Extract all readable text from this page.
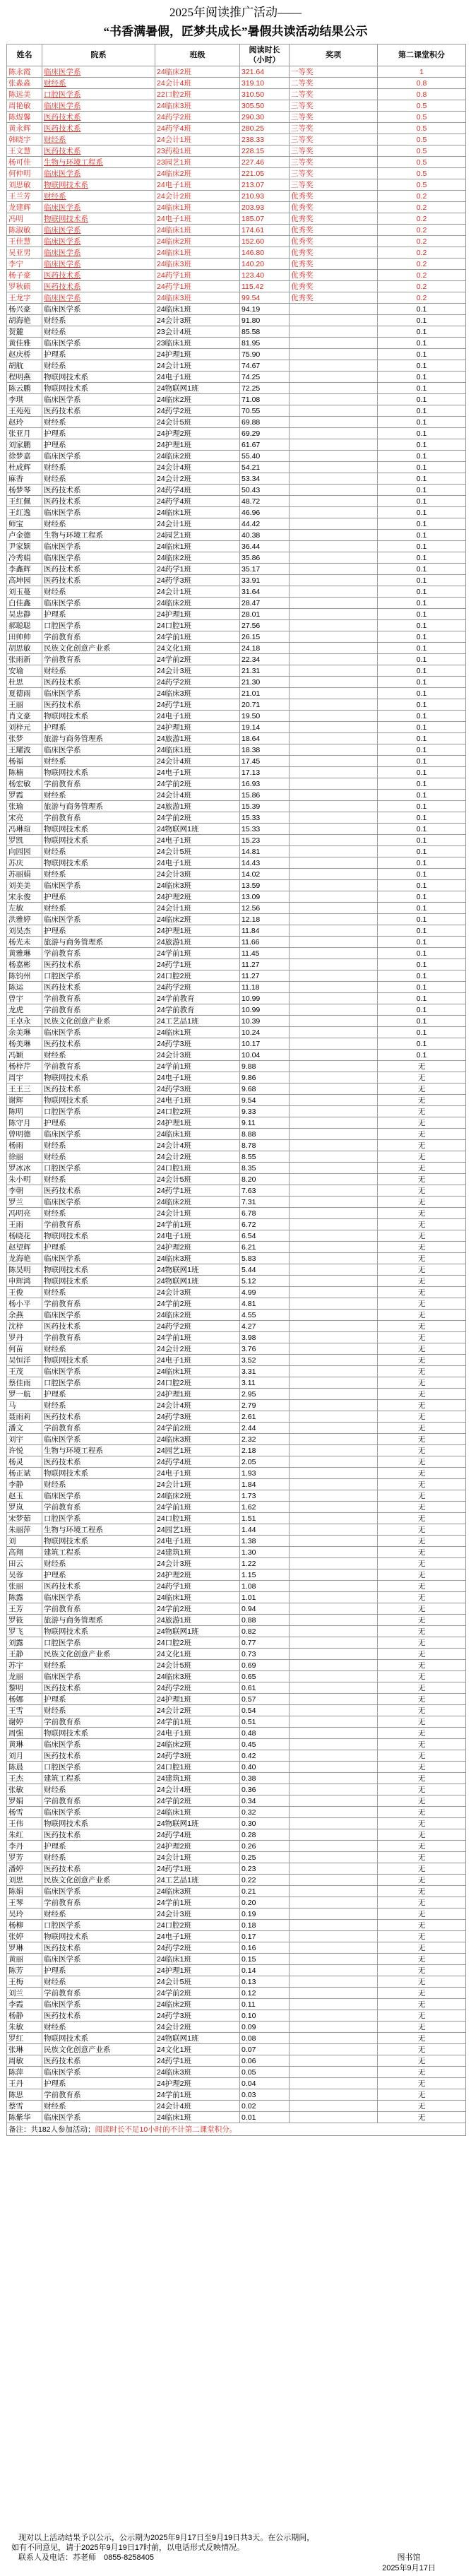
2025年阅读推广活动——
“书香满暑假，匠梦共成长”暑假共读活动结果公示
姓名	院系	班级	阅读时长（小时）	奖项	第二课堂积分
陈永霞	临床医学系	24临床2班	321.64	一等奖	1
张淼淼	财经系	24会计4班	319.10	二等奖	0.8
陈远美	口腔医学系	22口腔2班	310.50	二等奖	0.8
周艳敏	临床医学系	24临床3班	305.50	三等奖	0.5
陈煜馨	医药技术系	24药学2班	290.30	三等奖	0.5
黄永辉	医药技术系	24药学4班	280.25	三等奖	0.5
韩晓宇	财经系	24会计1班	238.33	三等奖	0.5
王文慧	医药技术系	23药检1班	228.15	三等奖	0.5
杨可佳	生物与环境工程系	23园艺1班	227.46	三等奖	0.5
何仲明	临床医学系	24临床2班	221.05	三等奖	0.5
刘思敏	物联网技术系	24电子1班	213.07	三等奖	0.5
王兰芳	财经系	24会计2班	210.93	优秀奖	0.2
龙建辉	临床医学系	24临床1班	203.93	优秀奖	0.2
冯明	物联网技术系	24电子1班	185.07	优秀奖	0.2
陈淑敏	临床医学系	24临床1班	174.61	优秀奖	0.2
王佳慧	临床医学系	24临床2班	152.60	优秀奖	0.2
吴亚男	临床医学系	24临床1班	146.80	优秀奖	0.2
李宁	临床医学系	24临床3班	140.20	优秀奖	0.2
杨子豪	医药技术系	24药学1班	123.40	优秀奖	0.2
罗秋硕	医药技术系	24药学1班	115.42	优秀奖	0.2
王龙宇	临床医学系	24临床3班	99.54	优秀奖	0.2
杨兴豪	临床医学系	24临床1班	94.19		0.1
胡海艳	财经系	24会计3班	91.80		0.1
贺麓	财经系	23会计4班	85.58		0.1
黄佳雅	临床医学系	23临床1班	81.95		0.1
赵庆桥	护理系	24护理1班	75.90		0.1
胡航	财经系	24会计1班	74.67		0.1
程明燕	物联网技术系	24电子1班	74.25		0.1
陈云鹏	物联网技术系	24物联网1班	72.25		0.1
李琪	临床医学系	24临床2班	71.08		0.1
王苑苑	医药技术系	24药学2班	70.55		0.1
赵玲	财经系	24会计5班	69.88		0.1
张亚月	护理系	24护理2班	69.29		0.1
刘家鹏	护理系	24护理1班	61.67		0.1
徐梦嘉	临床医学系	24临床2班	55.40		0.1
杜成辉	财经系	24会计4班	54.21		0.1
麻香	财经系	24会计2班	53.34		0.1
杨梦琴	医药技术系	24药学4班	50.43		0.1
王红佩	医药技术系	24药学4班	48.72		0.1
王红逸	临床医学系	24临床1班	46.96		0.1
师宝	财经系	24会计1班	44.42		0.1
卢金德	生物与环境工程系	24园艺1班	40.38		0.1
尹家颖	临床医学系	24临床1班	36.44		0.1
冷秀娟	临床医学系	24临床2班	35.86		0.1
李鑫辉	医药技术系	24药学1班	35.17		0.1
高坤园	医药技术系	24药学3班	33.91		0.1
刘玉蔓	财经系	24会计1班	31.64		0.1
白佳鑫	临床医学系	24临床2班	28.47		0.1
吴忠静	护理系	24护理1班	28.01		0.1
郝聪聪	口腔医学系	24口腔1班	27.56		0.1
田帅帅	学前教育系	24学前1班	26.15		0.1
胡思敏	民族文化创意产业系	24文化1班	24.18		0.1
张雨新	学前教育系	24学前2班	22.34		0.1
安瑜	财经系	24会计3班	21.31		0.1
杜思	医药技术系	24药学2班	21.30		0.1
夏德雨	临床医学系	24临床3班	21.01		0.1
王丽	医药技术系	24药学1班	20.71		0.1
肖文豪	物联网技术系	24电子1班	19.50		0.1
刘梓元	护理系	24护理1班	19.14		0.1
张梦	旅游与商务管理系	24旅游1班	18.64		0.1
王耀波	临床医学系	24临床1班	18.38		0.1
杨福	财经系	24会计4班	17.45		0.1
陈楠	物联网技术系	24电子1班	17.13		0.1
杨宏敏	学前教育系	24学前2班	16.93		0.1
罗霞	财经系	24会计4班	15.86		0.1
张瑜	旅游与商务管理系	24旅游1班	15.39		0.1
宋亮	学前教育系	24学前2班	15.33		0.1
冯琳瑄	物联网技术系	24物联网1班	15.33		0.1
罗凯	物联网技术系	24电子1班	15.23		0.1
向园园	财经系	24会计5班	14.81		0.1
苏庆	物联网技术系	24电子1班	14.43		0.1
苏丽娟	财经系	24会计3班	14.02		0.1
刘美美	临床医学系	24临床3班	13.59		0.1
宋永俊	护理系	24护理2班	13.09		0.1
左敏	财经系	24会计1班	12.56		0.1
洪雅婷	临床医学系	24临床2班	12.18		0.1
刘昊杰	护理系	24护理1班	11.84		0.1
杨光未	旅游与商务管理系	24旅游1班	11.66		0.1
黄雅琳	学前教育系	24学前1班	11.45		0.1
杨嘉彬	医药技术系	24药学1班	11.27		0.1
陈钧州	口腔医学系	24口腔2班	11.27		0.1
陈运	医药技术系	24药学2班	11.18		0.1
曾宇	学前教育系	24学前教育	10.99		0.1
龙虎	学前教育系	24学前教育	10.99		0.1
王卓永	民族文化创意产业系	24工艺品1班	10.39		0.1
余美琳	临床医学系	24临床1班	10.24		0.1
杨美琳	医药技术系	24药学3班	10.17		0.1
冯颖	财经系	24会计3班	10.04		0.1
杨梓芹	学前教育系	24学前1班	9.88		无
周宇	物联网技术系	24电子1班	9.86		无
王王三	医药技术系	24药学3班	9.68		无
谢辉	物联网技术系	24电子1班	9.54		无
陈明	口腔医学系	24口腔2班	9.33		无
陈守月	护理系	24护理1班	9.11		无
曾明德	临床医学系	24临床1班	8.88		无
杨雨	财经系	24会计4班	8.78		无
徐丽	财经系	24会计2班	8.55		无
罗冰冰	口腔医学系	24口腔1班	8.35		无
朱小明	财经系	24会计5班	8.20		无
李朝	医药技术系	24药学1班	7.63		无
罗兰	临床医学系	24临床2班	7.31		无
冯明亮	财经系	24会计1班	6.78		无
王雨	学前教育系	24学前1班	6.72		无
杨晓花	物联网技术系	24电子1班	6.54		无
赵望辉	护理系	24护理2班	6.21		无
龙海艳	临床医学系	24临床3班	5.83		无
陈昊明	物联网技术系	24物联网1班	5.44		无
申辉鸿	物联网技术系	24物联网1班	5.12		无
王俊	财经系	24会计3班	4.99		无
杨小平	学前教育系	24学前2班	4.81		无
余燕	临床医学系	24临床2班	4.55		无
沈梓	医药技术系	24药学2班	4.27		无
罗丹	学前教育系	24学前1班	3.98		无
何苗	财经系	24会计2班	3.76		无
吴恒洋	物联网技术系	24电子1班	3.52		无
王茂	临床医学系	24临床1班	3.31		无
蔡佳雨	口腔医学系	24口腔2班	3.11		无
罗一航	护理系	24护理1班	2.95		无
马	财经系	24会计4班	2.79		无
聂雨莉	医药技术系	24药学3班	2.61		无
潘文	学前教育系	24学前2班	2.44		无
刘宇	临床医学系	24临床3班	2.32		无
许悦	生物与环境工程系	24园艺1班	2.18		无
杨灵	医药技术系	24药学4班	2.05		无
杨正斌	物联网技术系	24电子1班	1.93		无
李静	财经系	24会计1班	1.84		无
赵玉	临床医学系	24临床2班	1.73		无
罗岚	学前教育系	24学前1班	1.62		无
宋梦茹	口腔医学系	24口腔1班	1.51		无
朱丽萍	生物与环境工程系	24园艺1班	1.44		无
刘	物联网技术系	24电子1班	1.38		无
高翔	建筑工程系	24建筑1班	1.30		无
田云	财经系	24会计3班	1.22		无
吴蓉	护理系	24护理2班	1.15		无
张丽	医药技术系	24药学1班	1.08		无
陈露	临床医学系	24临床1班	1.01		无
王芳	学前教育系	24学前2班	0.94		无
罗筱	旅游与商务管理系	24旅游1班	0.88		无
罗飞	物联网技术系	24物联网1班	0.82		无
刘露	口腔医学系	24口腔2班	0.77		无
王静	民族文化创意产业系	24文化1班	0.73		无
苏宇	财经系	24会计5班	0.69		无
龙丽	临床医学系	24临床3班	0.65		无
黎明	医药技术系	24药学2班	0.61		无
杨娜	护理系	24护理1班	0.57		无
王雪	财经系	24会计2班	0.54		无
谢婷	学前教育系	24学前1班	0.51		无
周强	物联网技术系	24电子1班	0.48		无
黄琳	临床医学系	24临床2班	0.45		无
刘月	医药技术系	24药学3班	0.42		无
陈晨	口腔医学系	24口腔1班	0.40		无
王杰	建筑工程系	24建筑1班	0.38		无
张敏	财经系	24会计4班	0.36		无
罗娟	学前教育系	24学前2班	0.34		无
杨雪	临床医学系	24临床1班	0.32		无
王伟	物联网技术系	24物联网1班	0.30		无
朱红	医药技术系	24药学4班	0.28		无
李丹	护理系	24护理2班	0.26		无
罗芳	财经系	24会计1班	0.25		无
潘婷	医药技术系	24药学1班	0.23		无
刘思	民族文化创意产业系	24工艺品1班	0.22		无
陈娟	临床医学系	24临床3班	0.21		无
王琴	学前教育系	24学前1班	0.20		无
吴玲	财经系	24会计3班	0.19		无
杨柳	口腔医学系	24口腔2班	0.18		无
张婷	物联网技术系	24电子1班	0.17		无
罗琳	医药技术系	24药学2班	0.16		无
黄丽	临床医学系	24临床1班	0.15		无
陈芳	护理系	24护理1班	0.14		无
王梅	财经系	24会计5班	0.13		无
刘兰	学前教育系	24学前2班	0.12		无
李霞	临床医学系	24临床2班	0.11		无
杨静	医药技术系	24药学3班	0.10		无
朱敏	财经系	24会计2班	0.09		无
罗红	物联网技术系	24物联网1班	0.08		无
张琳	民族文化创意产业系	24文化1班	0.07		无
周敏	医药技术系	24药学1班	0.06		无
陈萍	临床医学系	24临床3班	0.05		无
王丹	护理系	24护理2班	0.04		无
陈思	学前教育系	24学前1班	0.03		无
蔡雪	财经系	24会计4班	0.02		无
陈紫华	临床医学系	24临床1班	0.01		无
备注：共182人参加活动；阅读时长不足10小时的不计第二课堂积分。					
现对以上活动结果予以公示，公示期为2025年9月17日至9月19日共3天。在公示期间，
如有不同意见，请于2025年9月19日17时前，以电话形式反映情况。
联系人及电话：苏老师　0855-8258405	图书馆
2025年9月17日
